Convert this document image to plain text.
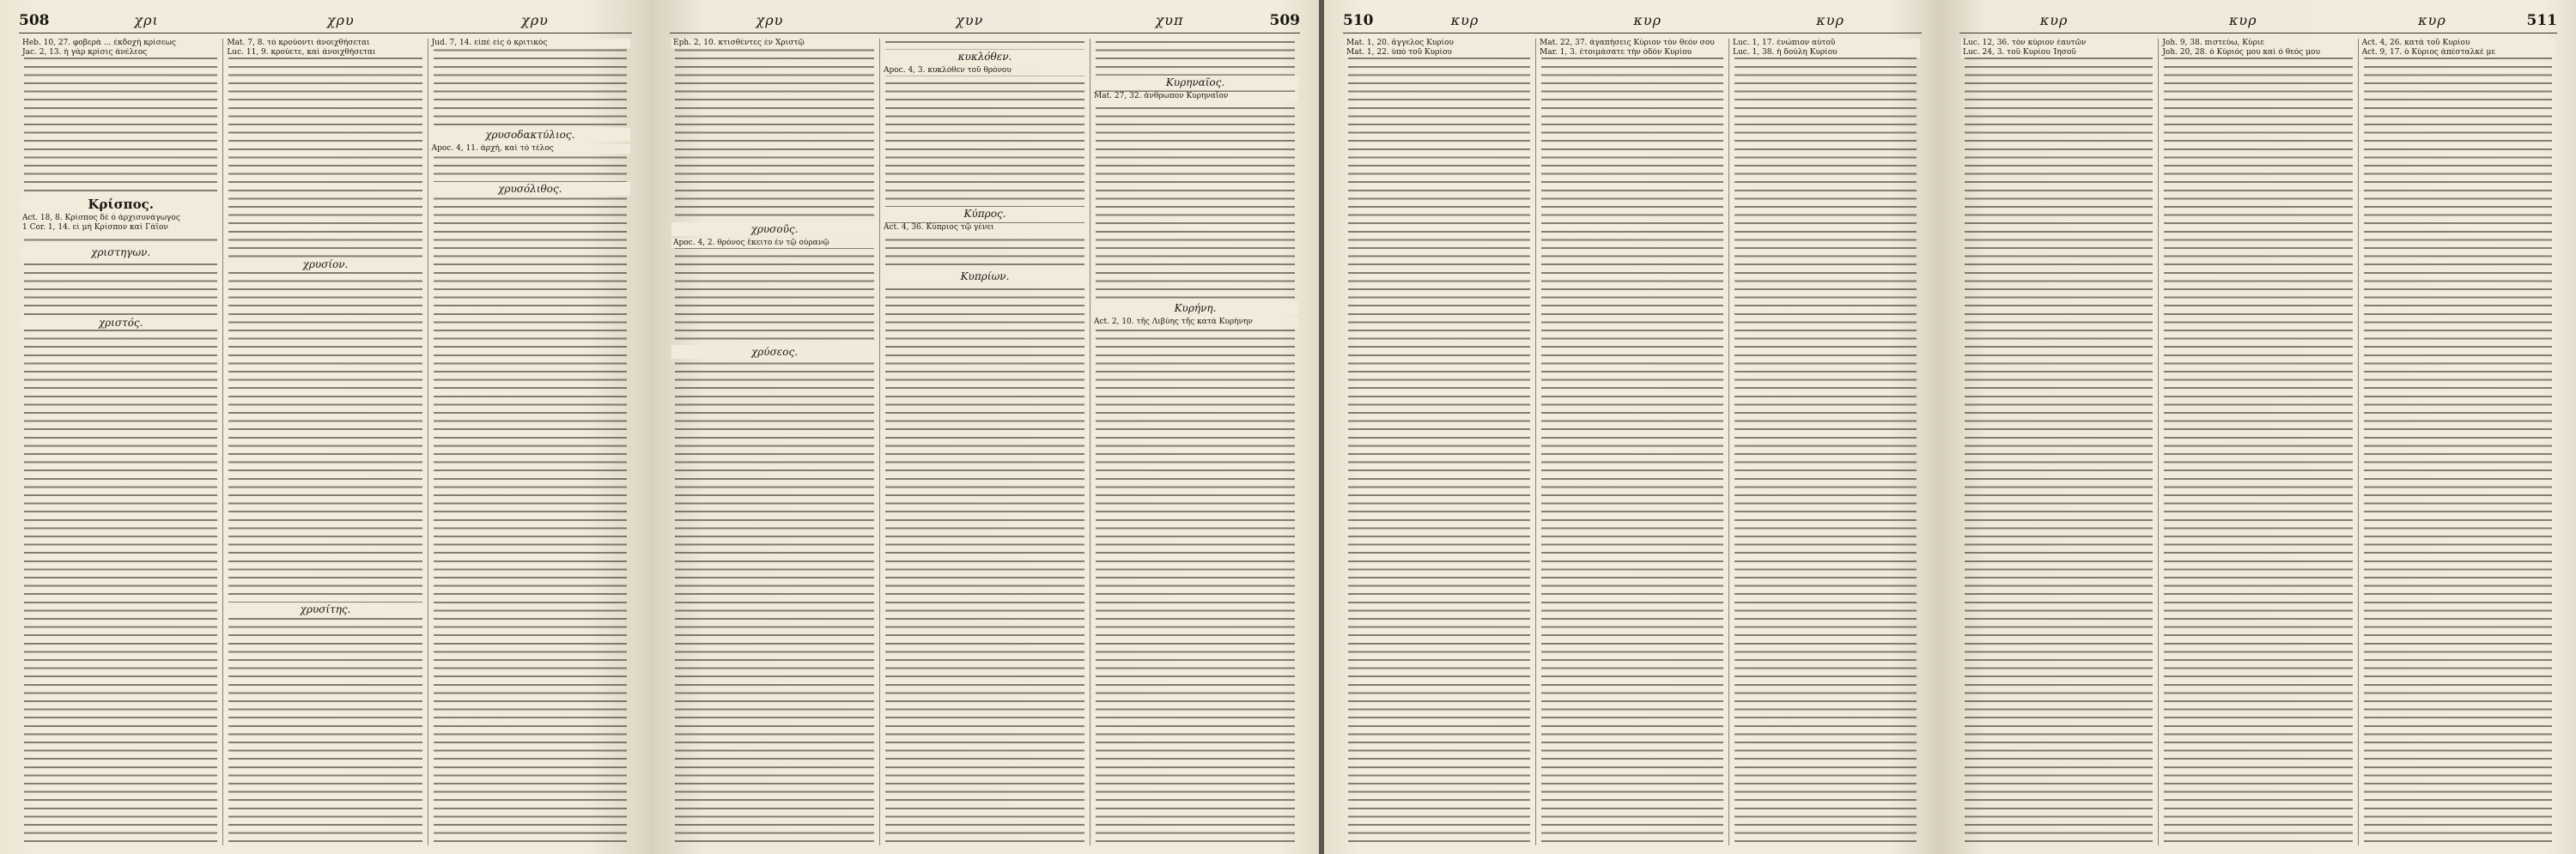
508	χρι	χρυ	χρυ
Heb. 10, 27. φοβερὰ ... ἐκδοχὴ κρίσεως
Jac. 2, 13. ἡ γὰρ κρίσις ἀνέλεος
Κρίσπος.
Act. 18, 8. Κρίσπος δὲ ὁ ἀρχισυνάγωγος
1 Cor. 1, 14. εἰ μὴ Κρίσπον καὶ Γάϊον
χριστηγων.
χριστός.
Mat. 7, 8. τὸ κρούοντι ἀνοιχθήσεται
Luc. 11, 9. κρούετε, καὶ ἀνοιχθήσεται
χρυσίον.
χρυσίτης.
Jud. 7, 14. εἰπὲ εἰς ὁ κριτικὸς
χρυσοδακτύλιος.
Apoc. 4, 11. ἀρχή, καὶ τὸ τέλος
χρυσόλιθος.
χρυ	χυν	χυπ	509
Eph. 2, 10. κτισθέντες ἐν Χριστῷ
χρυσοῦς.
Apoc. 4, 2. θρόνος ἔκειτο ἐν τῷ οὐρανῷ
χρύσεος.
κυκλόθεν.
Apoc. 4, 3. κυκλόθεν τοῦ θρόνου
Κύπρος.
Act. 4, 36. Κύπριος τῷ γένει
Κυπρίων.
Κυρηναῖος.
Mat. 27, 32. ἄνθρωπον Κυρηναῖον
Κυρήνη.
Act. 2, 10. τῆς Λιβύης τῆς κατὰ Κυρήνην
510	κυρ	κυρ	κυρ
Mat. 1, 20. ἄγγελος Κυρίου
Mat. 1, 22. ὑπὸ τοῦ Κυρίου
Mat. 22, 37. ἀγαπήσεις Κύριον τὸν θεόν σου
Mar. 1, 3. ἑτοιμάσατε τὴν ὁδὸν Κυρίου
Luc. 1, 17. ἐνώπιον αὐτοῦ
Luc. 1, 38. ἡ δούλη Κυρίου
κυρ	κυρ	κυρ	511
Luc. 12, 36. τὸν κύριον ἑαυτῶν
Luc. 24, 3. τοῦ Κυρίου Ἰησοῦ
Joh. 9, 38. πιστεύω, Κύριε
Joh. 20, 28. ὁ Κύριός μου καὶ ὁ θεός μου
Act. 4, 26. κατὰ τοῦ Κυρίου
Act. 9, 17. ὁ Κύριος ἀπέσταλκέ με
